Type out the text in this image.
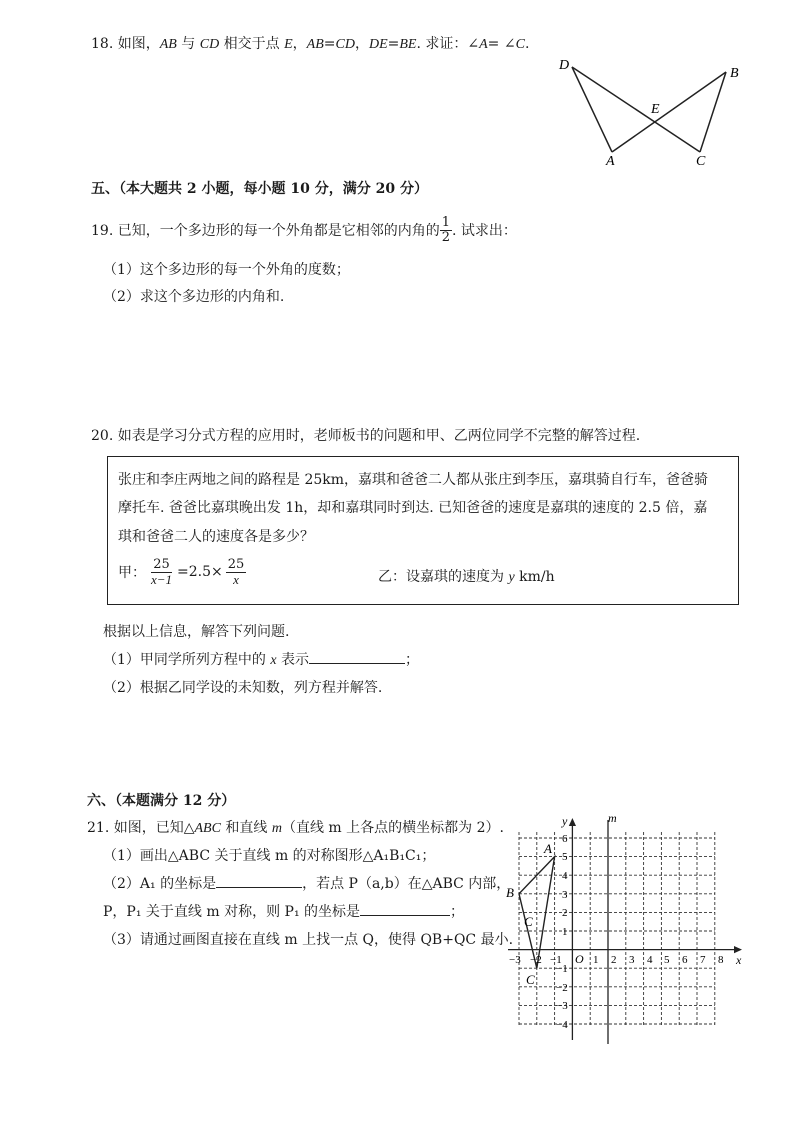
18. 如图，AB 与 CD 相交于点 E，AB=CD，DE=BE. 求证：∠A= ∠C.
D
B
E
A	C
五、（本大题共 2 小题，每小题 10 分，满分 20 分）
19. 已知，一个多边形的每一个外角都是它相邻的内角的 $\frac{1}{2}$ . 试求出：
（1）这个多边形的每一个外角的度数；
（2）求这个多边形的内角和.
20. 如表是学习分式方程的应用时，老师板书的问题和甲、乙两位同学不完整的解答过程.
张庄和李庄两地之间的路程是 25km，嘉琪和爸爸二人都从张庄到李压，嘉琪骑自行车，爸爸骑
摩托车. 爸爸比嘉琪晚出发 1h，却和嘉琪同时到达. 已知爸爸的速度是嘉琪的速度的 2.5 倍，嘉
琪和爸爸二人的速度各是多少？
甲： $\frac{25}{x-1} =2.5\times \frac{25}{x}$	乙：设嘉琪的速度为 y km/h
根据以上信息，解答下列问题.
（1）甲同学所列方程中的 x 表示	；
（2）根据乙同学设的未知数，列方程并解答.
六、（本题满分 12 分）
21. 如图，已知△ABC 和直线 m（直线 m 上各点的横坐标都为 2）.
（1）画出△ABC 关于直线 m 的对称图形△A₁B₁C₁；
（2）A₁ 的坐标是	，若点 P（a,b）在△ABC 内部，
P，P₁ 关于直线 m 对称，则 P₁ 的坐标是	；
（3）请通过画图直接在直线 m 上找一点 Q，使得 QB+QC 最小.
x
y	m
O
A
B
C
C
−3 −2 −1	1 2 3 4 5 6 7 8
6
5
4
3
2
1
−1
−2
−3
−4
